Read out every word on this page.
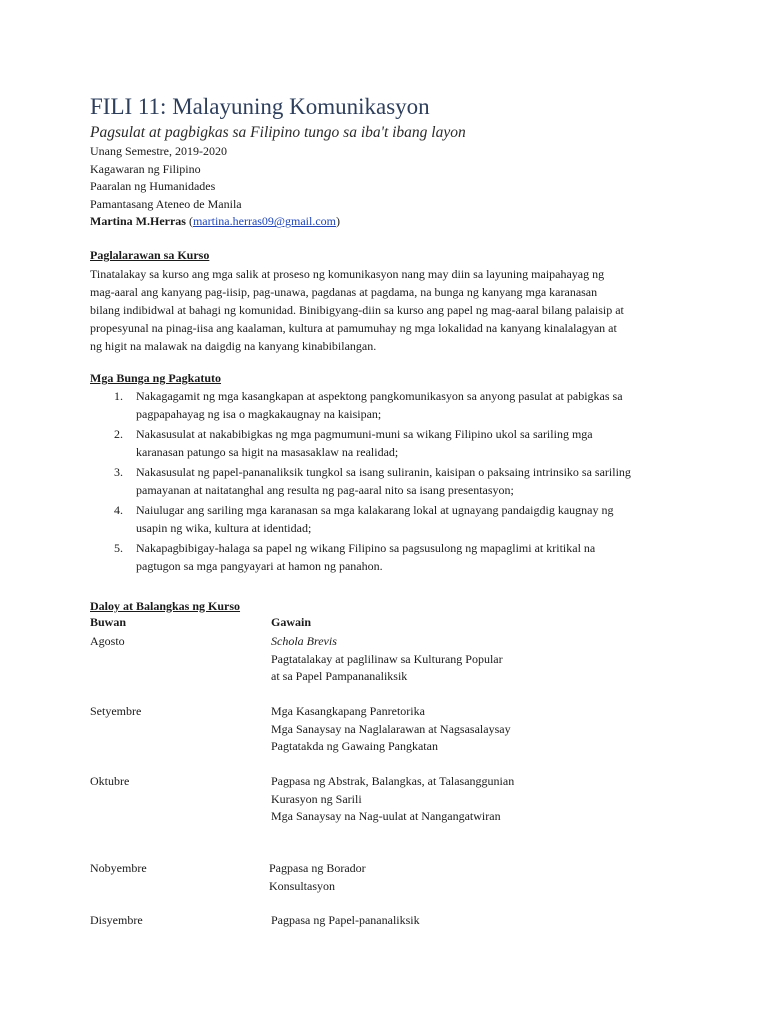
FILI 11: Malayuning Komunikasyon
Pagsulat at pagbigkas sa Filipino tungo sa iba't ibang layon
Unang Semestre, 2019-2020
Kagawaran ng Filipino
Paaralan ng Humanidades
Pamantasang Ateneo de Manila
Martina M.Herras (martina.herras09@gmail.com)
Paglalarawan sa Kurso
Tinatalakay sa kurso ang mga salik at proseso ng komunikasyon nang may diin sa layuning maipahayag ng
mag-aaral ang kanyang pag-iisip, pag-unawa, pagdanas at pagdama, na bunga ng kanyang mga karanasan
bilang indibidwal at bahagi ng komunidad. Binibigyang-diin sa kurso ang papel ng mag-aaral bilang palaisip at
propesyunal na pinag-iisa ang kaalaman, kultura at pamumuhay ng mga lokalidad na kanyang kinalalagyan at
ng higit na malawak na daigdig na kanyang kinabibilangan.
Mga Bunga ng Pagkatuto
1. Nakagagamit ng mga kasangkapan at aspektong pangkomunikasyon sa anyong pasulat at pabigkas sa
pagpapahayag ng isa o magkakaugnay na kaisipan;
2. Nakasusulat at nakabibigkas ng mga pagmumuni-muni sa wikang Filipino ukol sa sariling mga
karanasan patungo sa higit na masasaklaw na realidad;
3. Nakasusulat ng papel-pananaliksik tungkol sa isang suliranin, kaisipan o paksaing intrinsiko sa sariling
pamayanan at naitatanghal ang resulta ng pag-aaral nito sa isang presentasyon;
4. Naiulugar ang sariling mga karanasan sa mga kalakarang lokal at ugnayang pandaigdig kaugnay ng
usapin ng wika, kultura at identidad;
5. Nakapagbibigay-halaga sa papel ng wikang Filipino sa pagsusulong ng mapaglimi at kritikal na
pagtugon sa mga pangyayari at hamon ng panahon.
Daloy at Balangkas ng Kurso
Buwan	Gawain
Agosto	Schola Brevis
Pagtatalakay at paglilinaw sa Kulturang Popular
at sa Papel Pampananaliksik
Setyembre	Mga Kasangkapang Panretorika
Mga Sanaysay na Naglalarawan at Nagsasalaysay
Pagtatakda ng Gawaing Pangkatan
Oktubre	Pagpasa ng Abstrak, Balangkas, at Talasanggunian
Kurasyon ng Sarili
Mga Sanaysay na Nag-uulat at Nangangatwiran
Nobyembre	Pagpasa ng Borador
Konsultasyon
Disyembre	Pagpasa ng Papel-pananaliksik
